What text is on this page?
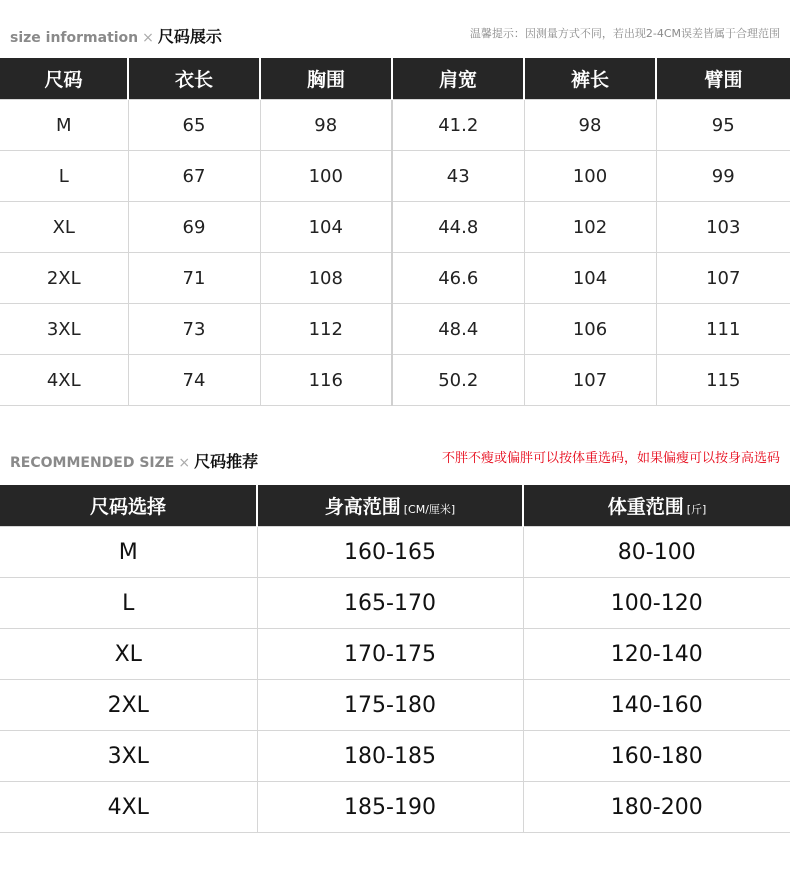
size information × 尺码展示	温馨提示：因测量方式不同，若出现2-4CM误差皆属于合理范围
尺码	衣长	胸围	肩宽	裤长	臂围
M	65	98	41.2	98	95
L	67	100	43	100	99
XL	69	104	44.8	102	103
2XL	71	108	46.6	104	107
3XL	73	112	48.4	106	111
4XL	74	116	50.2	107	115
RECOMMENDED SIZE × 尺码推荐	不胖不瘦或偏胖可以按体重选码，如果偏瘦可以按身高选码
尺码选择	身高范围 [CM/厘米]	体重范围 [斤]
M	160-165	80-100
L	165-170	100-120
XL	170-175	120-140
2XL	175-180	140-160
3XL	180-185	160-180
4XL	185-190	180-200
